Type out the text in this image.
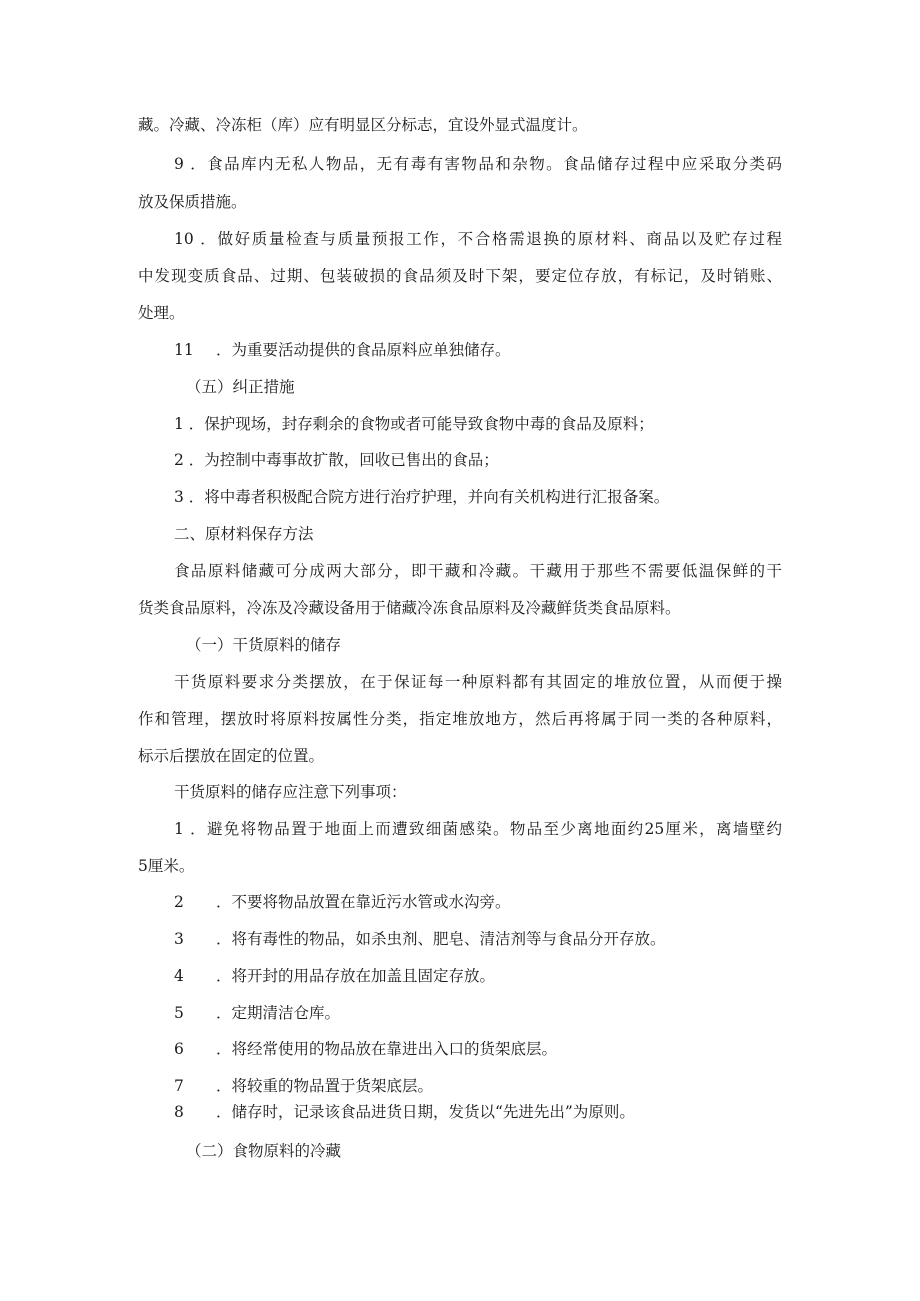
藏。冷藏、冷冻柜（库）应有明显区分标志，宜设外显式温度计。
9 ．食品库内无私人物品，无有毒有害物品和杂物。食品储存过程中应采取分类码
放及保质措施。
10 ．做好质量检查与质量预报工作，不合格需退换的原材料、商品以及贮存过程
中发现变质食品、过期、包装破损的食品须及时下架，要定位存放，有标记，及时销账、
处理。
11 ．为重要活动提供的食品原料应单独储存。
（五）纠正措施
1 ．保护现场，封存剩余的食物或者可能导致食物中毒的食品及原料；
2 ．为控制中毒事故扩散，回收已售出的食品；
3 ．将中毒者积极配合院方进行治疗护理，并向有关机构进行汇报备案。
二、原材料保存方法
食品原料储藏可分成两大部分，即干藏和冷藏。干藏用于那些不需要低温保鲜的干
货类食品原料，冷冻及冷藏设备用于储藏冷冻食品原料及冷藏鲜货类食品原料。
（一）干货原料的储存
干货原料要求分类摆放，在于保证每一种原料都有其固定的堆放位置，从而便于操
作和管理，摆放时将原料按属性分类，指定堆放地方，然后再将属于同一类的各种原料，
标示后摆放在固定的位置。
干货原料的储存应注意下列事项：
1 ．避免将物品置于地面上而遭致细菌感染。物品至少离地面约25厘米，离墙壁约
5厘米。
2 ．不要将物品放置在靠近污水管或水沟旁。
3 ．将有毒性的物品，如杀虫剂、肥皂、清洁剂等与食品分开存放。
4 ．将开封的用品存放在加盖且固定存放。
5 ．定期清洁仓库。
6 ．将经常使用的物品放在靠进出入口的货架底层。
7 ．将较重的物品置于货架底层。
8 ．储存时，记录该食品进货日期，发货以“先进先出”为原则。
（二）食物原料的冷藏
